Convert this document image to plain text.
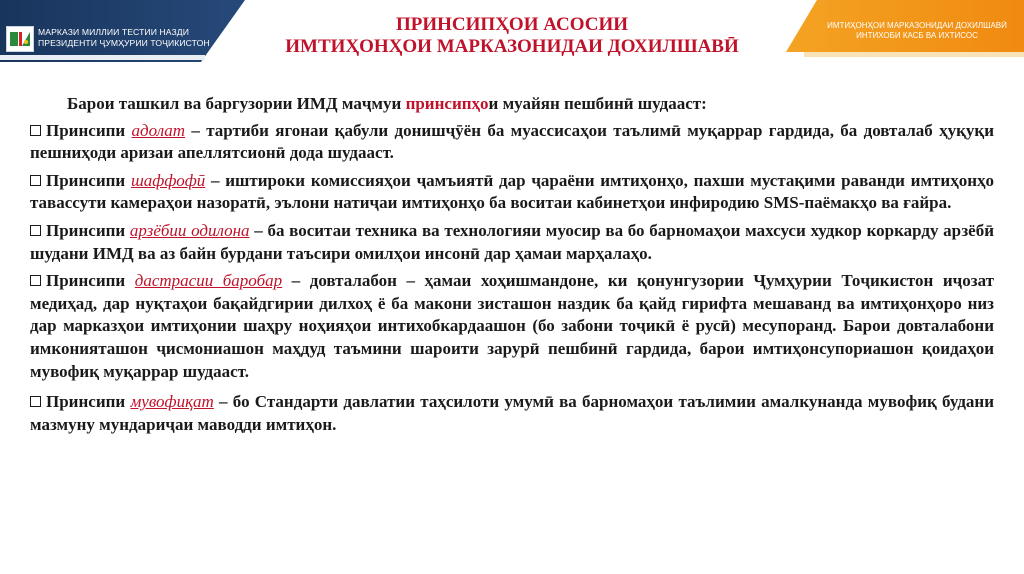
МАРКАЗИ МИЛЛИИ ТЕСТИИ НАЗДИ
ПРЕЗИДЕНТИ ҶУМҲУРИИ ТОҶИКИСТОН
ИМТИҲОНҲОИ МАРКАЗОНИДАИ ДОХИЛШАВӢ
ИНТИХОБИ КАСБ ВА ИХТИСОС
ПРИНСИПҲОИ АСОСИИ
ИМТИҲОНҲОИ МАРКАЗОНИДАИ ДОХИЛШАВӢ
Барои ташкил ва баргузории ИМД маҷмуи принсипҳои муайян пешбинӣ шудааст:
Принсипи адолат – тартиби ягонаи қабули донишҷӯён ба муассисаҳои таълимӣ муқаррар гардида, ба довталаб ҳуқуқи пешниҳоди аризаи апеллятсионӣ дода шудааст.
Принсипи шаффофӣ – иштироки комиссияҳои ҷамъиятӣ дар ҷараёни имтиҳонҳо, пахши мустақими раванди имтиҳонҳо тавассути камераҳои назоратӣ, эълони натиҷаи имтиҳонҳо ба воситаи кабинетҳои инфиродию SMS-паёмакҳо ва ғайра.
Принсипи арзёбии одилона – ба воситаи техника ва технологияи муосир ва бо барномаҳои махсуси худкор коркарду арзёбӣ шудани ИМД ва аз байн бурдани таъсири омилҳои инсонӣ дар ҳамаи марҳалаҳо.
Принсипи дастрасии баробар – довталабон – ҳамаи хоҳишмандоне, ки қонунгузории Ҷумҳурии Тоҷикистон иҷозат медиҳад, дар нуқтаҳои бақайдгирии дилхоҳ ё ба макони зисташон наздик ба қайд гирифта мешаванд ва имтиҳонҳоро низ дар марказҳои имтиҳонии шаҳру ноҳияҳои интихобкардаашон (бо забони тоҷикӣ ё русӣ) месупоранд. Барои довталабони имконияташон ҷисмониашон маҳдуд таъмини шароити зарурӣ пешбинӣ гардида, барои имтиҳонсупориашон қоидаҳои мувофиқ муқаррар шудааст.
Принсипи мувофиқат – бо Стандарти давлатии таҳсилоти умумӣ ва барномаҳои таълимии амалкунанда мувофиқ будани мазмуну мундариҷаи маводди имтиҳон.
